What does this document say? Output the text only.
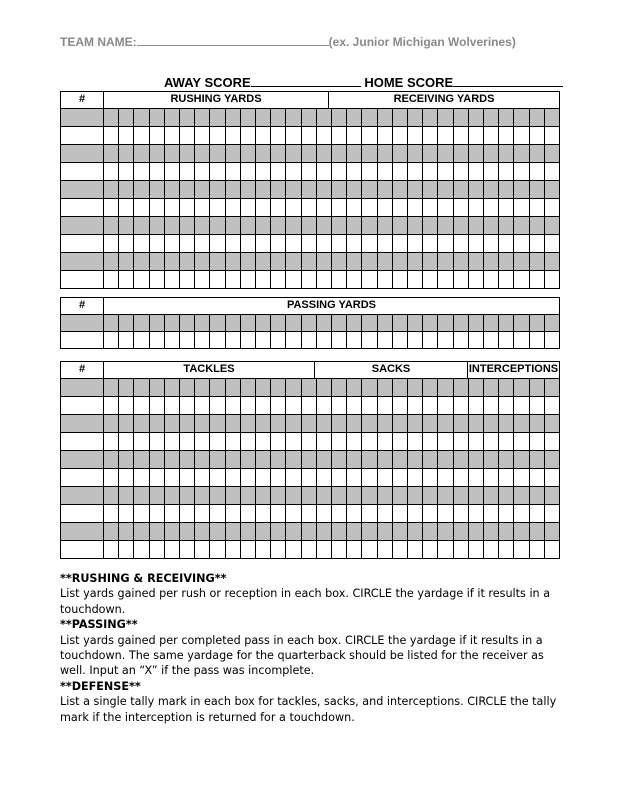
TEAM NAME:	(ex. Junior Michigan Wolverines)
AWAY SCORE	HOME SCORE
#	RUSHING YARDS	RECEIVING YARDS
#	PASSING YARDS
#	TACKLES	SACKS	INTERCEPTIONS

**RUSHING & RECEIVING**

List yards gained per rush or reception in each box. CIRCLE the yardage if it results in a touchdown.

**PASSING**

List yards gained per completed pass in each box. CIRCLE the yardage if it results in a touchdown. The same yardage for the quarterback should be listed for the receiver as well. Input an “X” if the pass was incomplete.

**DEFENSE**

List a single tally mark in each box for tackles, sacks, and interceptions. CIRCLE the tally mark if the interception is returned for a touchdown.
